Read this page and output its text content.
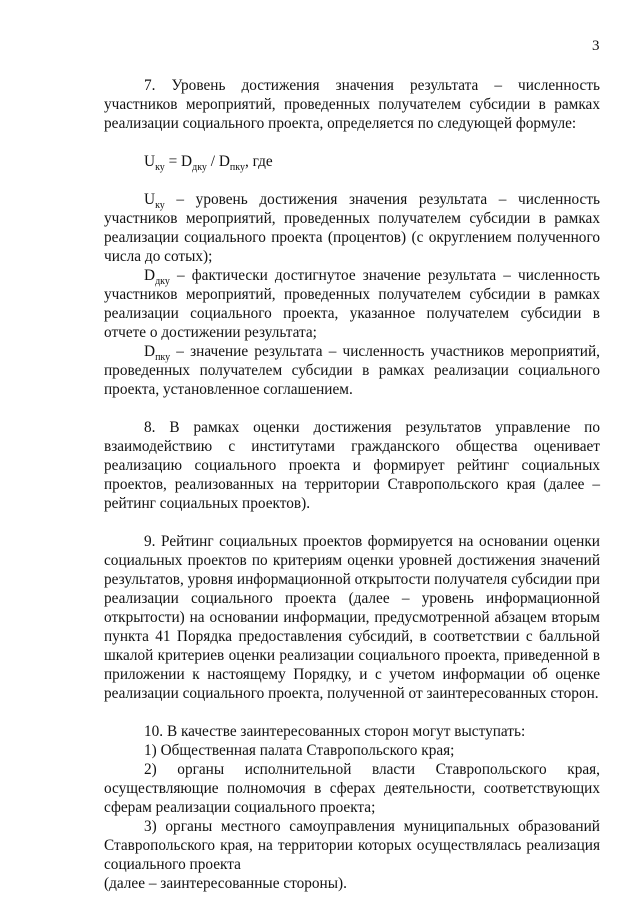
3

7. Уровень достижения значения результата – численность участников мероприятий, проведенных получателем субсидии в рамках реализации социального проекта, определяется по следующей формуле:

$U_{ку} = D_{дку} / D_{пку}$, где

$U_{ку}$ – уровень достижения значения результата – численность участников мероприятий, проведенных получателем субсидии в рамках реализации социального проекта (процентов) (с округлением полученного числа до сотых);

$D_{дку}$ – фактически достигнутое значение результата – численность участников мероприятий, проведенных получателем субсидии в рамках реализации социального проекта, указанное получателем субсидии в отчете о достижении результата;

$D_{пку}$ – значение результата – численность участников мероприятий, проведенных получателем субсидии в рамках реализации социального проекта, установленное соглашением.

8. В рамках оценки достижения результатов управление по взаимодействию с институтами гражданского общества оценивает реализацию социального проекта и формирует рейтинг социальных проектов, реализованных на территории Ставропольского края (далее – рейтинг социальных проектов).

9. Рейтинг социальных проектов формируется на основании оценки социальных проектов по критериям оценки уровней достижения значений результатов, уровня информационной открытости получателя субсидии при реализации социального проекта (далее – уровень информационной открытости) на основании информации, предусмотренной абзацем вторым пункта 41 Порядка предоставления субсидий, в соответствии с балльной шкалой критериев оценки реализации социального проекта, приведенной в приложении к настоящему Порядку, и с учетом информации об оценке реализации социального проекта, полученной от заинтересованных сторон.

10. В качестве заинтересованных сторон могут выступать:

1) Общественная палата Ставропольского края;

2) органы исполнительной власти Ставропольского края, осуществляющие полномочия в сферах деятельности, соответствующих сферам реализации социального проекта;

3) органы местного самоуправления муниципальных образований Ставропольского края, на территории которых осуществлялась реализация социального проекта

(далее – заинтересованные стороны).
